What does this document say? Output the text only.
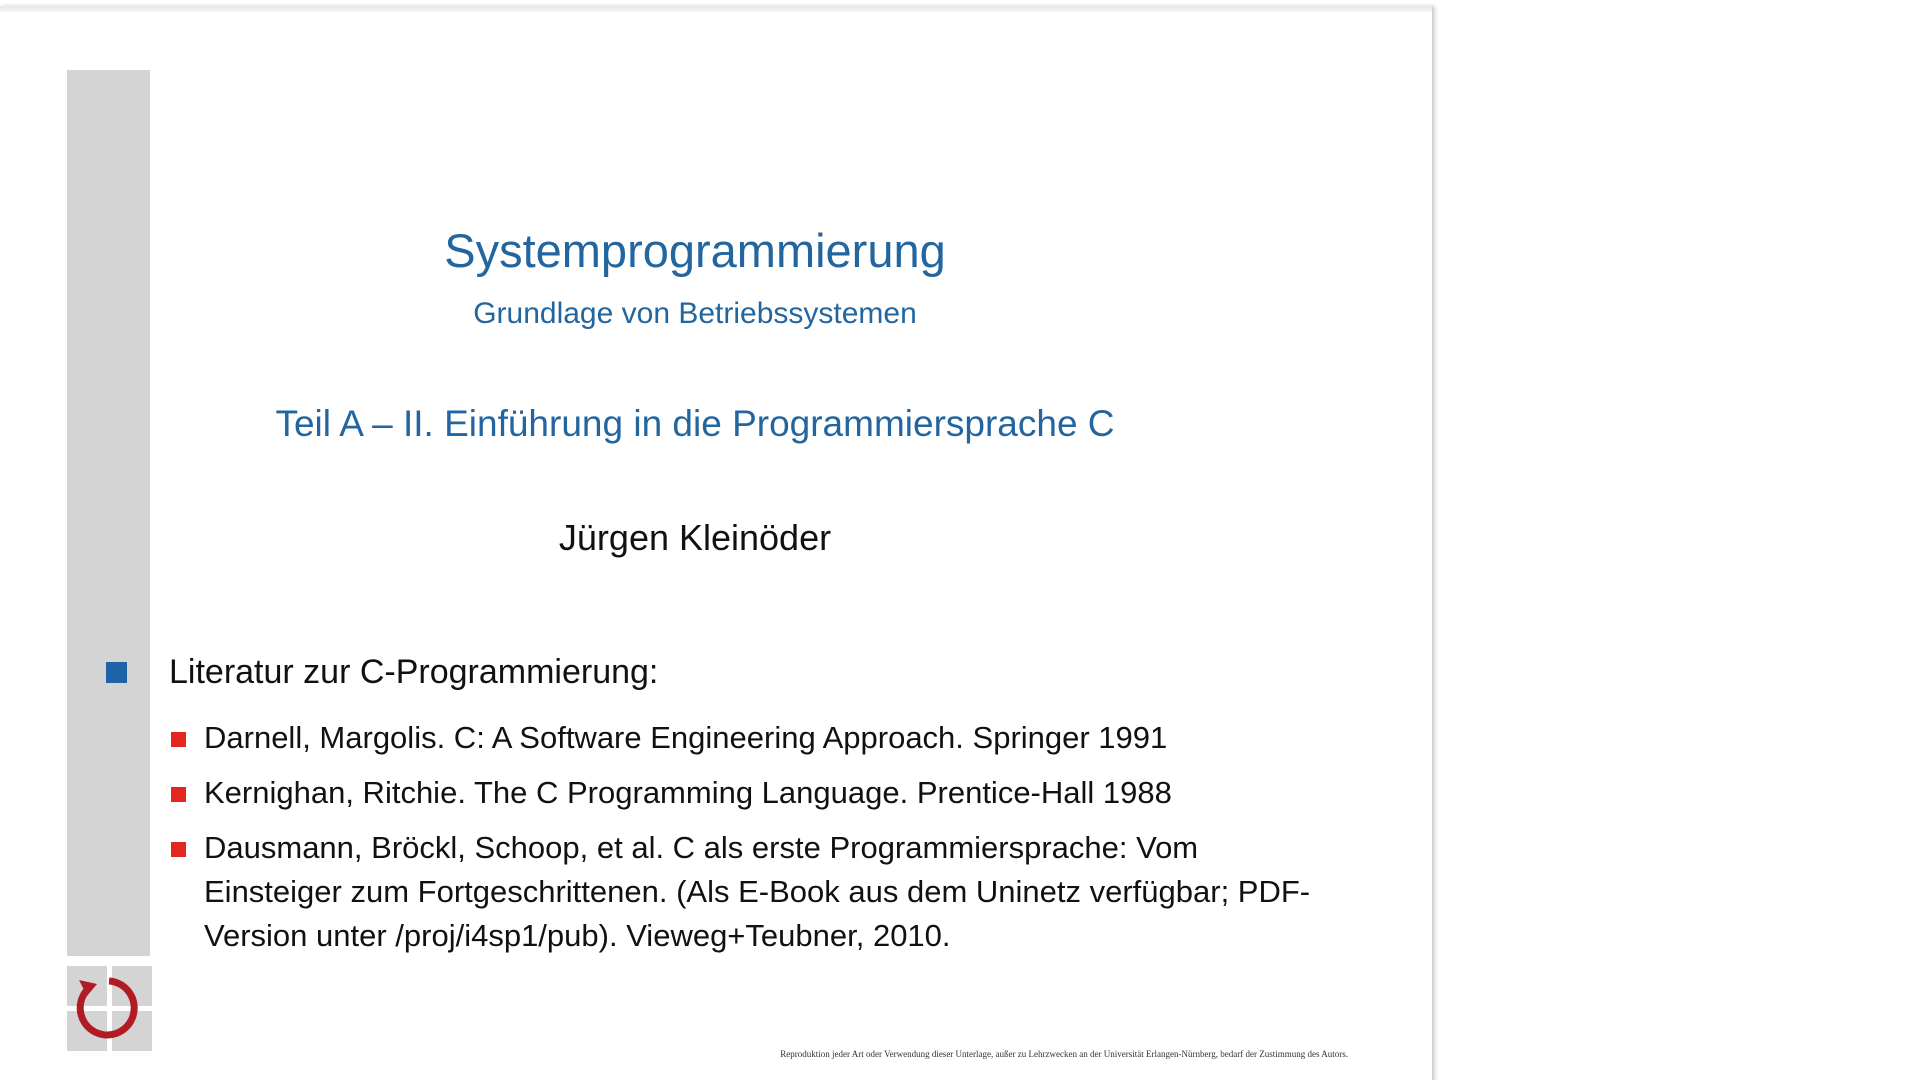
Systemprogrammierung
Grundlage von Betriebssystemen
Teil A – II. Einführung in die Programmiersprache C
Jürgen Kleinöder
Literatur zur C-Programmierung:
Darnell, Margolis. C: A Software Engineering Approach. Springer 1991
Kernighan, Ritchie. The C Programming Language. Prentice-Hall 1988
Dausmann, Bröckl, Schoop, et al. C als erste Programmiersprache: Vom Einsteiger zum Fortgeschrittenen. (Als E-Book aus dem Uninetz verfügbar; PDF-Version unter /proj/i4sp1/pub). Vieweg+Teubner, 2010.
Reproduktion jeder Art oder Verwendung dieser Unterlage, außer zu Lehrzwecken an der Universität Erlangen-Nürnberg, bedarf der Zustimmung des Autors.
